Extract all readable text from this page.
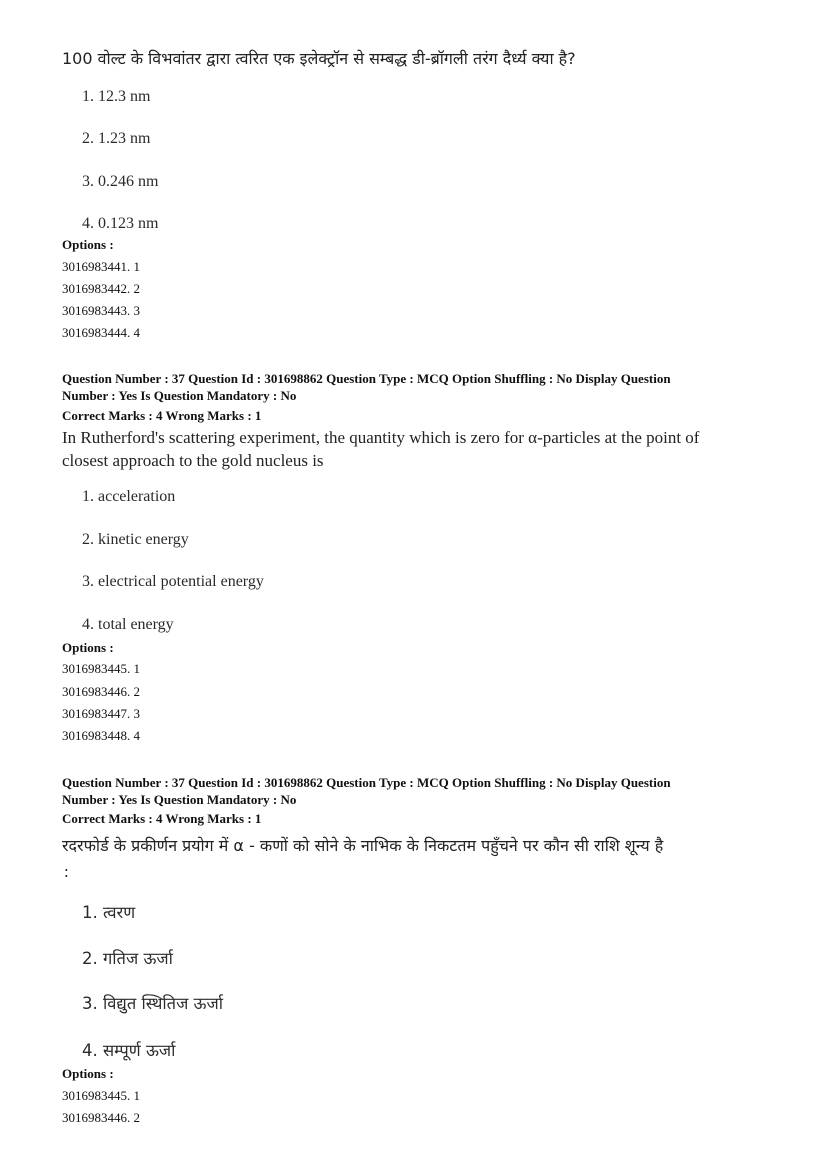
100 वोल्ट के विभवांतर द्वारा त्वरित एक इलेक्ट्रॉन से सम्बद्ध डी-ब्रॉगली तरंग दैर्ध्य क्या है?
1. 12.3 nm
2. 1.23 nm
3. 0.246 nm
4. 0.123 nm
Options :
3016983441. 1
3016983442. 2
3016983443. 3
3016983444. 4
Question Number : 37 Question Id : 301698862 Question Type : MCQ Option Shuffling : No Display Question
Number : Yes Is Question Mandatory : No
Correct Marks : 4 Wrong Marks : 1
In Rutherford's scattering experiment, the quantity which is zero for α-particles at the point of
closest approach to the gold nucleus is
1. acceleration
2. kinetic energy
3. electrical potential energy
4. total energy
Options :
3016983445. 1
3016983446. 2
3016983447. 3
3016983448. 4
Question Number : 37 Question Id : 301698862 Question Type : MCQ Option Shuffling : No Display Question
Number : Yes Is Question Mandatory : No
Correct Marks : 4 Wrong Marks : 1
रदरफोर्ड के प्रकीर्णन प्रयोग में α - कणों को सोने के नाभिक के निकटतम पहुँचने पर कौन सी राशि शून्य है
:
1. त्वरण
2. गतिज ऊर्जा
3. विद्युत स्थितिज ऊर्जा
4. सम्पूर्ण ऊर्जा
Options :
3016983445. 1
3016983446. 2
